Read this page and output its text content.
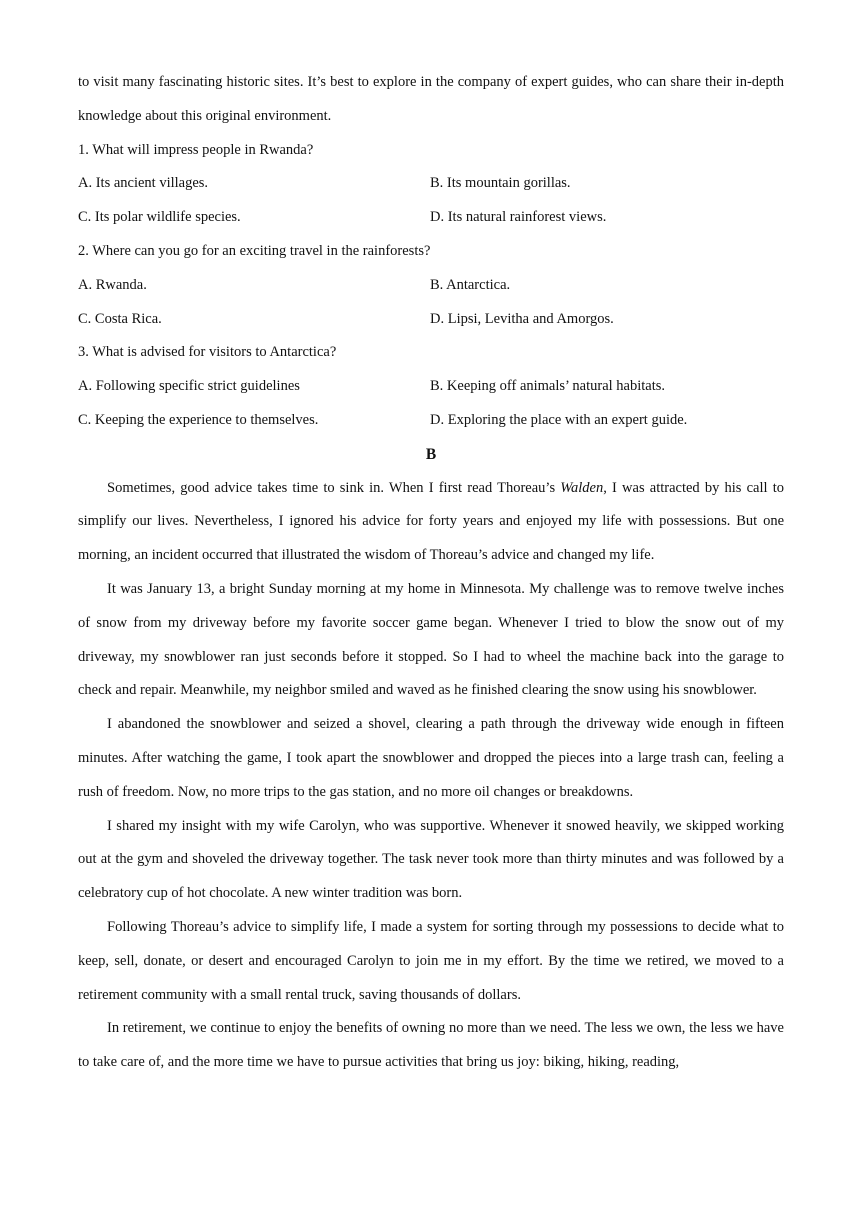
to visit many fascinating historic sites. It’s best to explore in the company of expert guides, who can share their in-depth knowledge about this original environment.

1. What will impress people in Rwanda?

A. Its ancient villages.	B. Its mountain gorillas.
C. Its polar wildlife species.	D. Its natural rainforest views.

2. Where can you go for an exciting travel in the rainforests?

A. Rwanda.	B. Antarctica.
C. Costa Rica.	D. Lipsi, Levitha and Amorgos.

3. What is advised for visitors to Antarctica?

A. Following specific strict guidelines	B. Keeping off animals’ natural habitats.
C. Keeping the experience to themselves.	D. Exploring the place with an expert guide.

B

Sometimes, good advice takes time to sink in. When I first read Thoreau’s Walden, I was attracted by his call to simplify our lives. Nevertheless, I ignored his advice for forty years and enjoyed my life with possessions. But one morning, an incident occurred that illustrated the wisdom of Thoreau’s advice and changed my life.

It was January 13, a bright Sunday morning at my home in Minnesota. My challenge was to remove twelve inches of snow from my driveway before my favorite soccer game began. Whenever I tried to blow the snow out of my driveway, my snowblower ran just seconds before it stopped. So I had to wheel the machine back into the garage to check and repair. Meanwhile, my neighbor smiled and waved as he finished clearing the snow using his snowblower.

I abandoned the snowblower and seized a shovel, clearing a path through the driveway wide enough in fifteen minutes. After watching the game, I took apart the snowblower and dropped the pieces into a large trash can, feeling a rush of freedom. Now, no more trips to the gas station, and no more oil changes or breakdowns.

I shared my insight with my wife Carolyn, who was supportive. Whenever it snowed heavily, we skipped working out at the gym and shoveled the driveway together. The task never took more than thirty minutes and was followed by a celebratory cup of hot chocolate. A new winter tradition was born.

Following Thoreau’s advice to simplify life, I made a system for sorting through my possessions to decide what to keep, sell, donate, or desert and encouraged Carolyn to join me in my effort. By the time we retired, we moved to a retirement community with a small rental truck, saving thousands of dollars.

In retirement, we continue to enjoy the benefits of owning no more than we need. The less we own, the less we have to take care of, and the more time we have to pursue activities that bring us joy: biking, hiking, reading,
